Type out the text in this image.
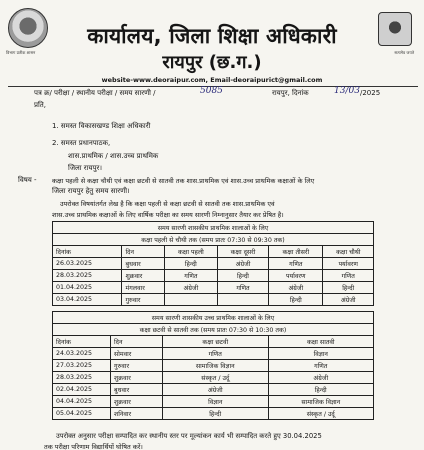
विभाग प्रतीक शासन	सत्यमेव जयते
कार्यालय, जिला शिक्षा अधिकारी
रायपुर (छ.ग.)
website-www.deoraipur.com, Email-deoraipurict@gmail.com
पत्र क्र/ परीक्षा / स्थानीय परीक्षा / समय सारणी /	5085	रायपुर, दिनांक	13/03 /2025
प्रति,
1. समस्त विकासखण्ड शिक्षा अधिकारी
2. समस्त प्रधानपाठक,
शास.प्राथमिक / शास.उच्च प्राथमिक
जिला रायपुर।
विषय - कक्षा पहली से कक्षा चौथी एवं कक्षा छटवी से सातवी तक शास.प्राथमिक एवं शास.उच्च प्राथमिक कक्षाओं के लिए
जिला रायपुर हेतु समय सारणी।
उपरोक्त विषयांतर्गत लेख है कि कक्षा पहली से कक्षा छटवी से सातवी तक शास.प्राथमिक एवं
शास.उच्च प्राथमिक कक्षाओं के लिए वार्षिक परीक्षा का समय सारणी निम्नानुसार तैयार कर प्रेषित है।
समय सारणी शासकीय प्राथमिक शालाओं के लिए					
कक्षा पहली से चौथी तक (समय प्रातः 07:30 से 09:30 तक)					
दिनांक	दिन	कक्षा पहली	कक्षा दूसरी	कक्षा तीसरी	कक्षा चौथी
26.03.2025	बुधवार	हिन्दी	अंग्रेजी	गणित	पर्यावरण
28.03.2025	शुक्रवार	गणित	हिन्दी	पर्यावरण	गणित
01.04.2025	मंगलवार	अंग्रेजी	गणित	अंग्रेजी	हिन्दी
03.04.2025	गुरुवार			हिन्दी	अंग्रेजी
समय सारणी शासकीय उच्च प्राथमिक शालाओं के लिए			
कक्षा छटवी से सातवी तक (समय प्रातः 07:30 से 10:30 तक)			
दिनांक	दिन	कक्षा छटवी	कक्षा सातवी
24.03.2025	सोमवार	गणित	विज्ञान
27.03.2025	गुरुवार	सामाजिक विज्ञान	गणित
28.03.2025	शुक्रवार	संस्कृत / उर्दू	अंग्रेजी
02.04.2025	बुधवार	अंग्रेजी	हिन्दी
04.04.2025	शुक्रवार	विज्ञान	सामाजिक विज्ञान
05.04.2025	शनिवार	हिन्दी	संस्कृत / उर्दू
उपरोक्त अनुसार परीक्षा सम्पादित कर स्थानीय स्तर पर मूल्यांकन कार्य भी सम्पादित करते हुए 30.04.2025
तक परीक्षा परिणाम विद्यार्थियों घोषित करें।
